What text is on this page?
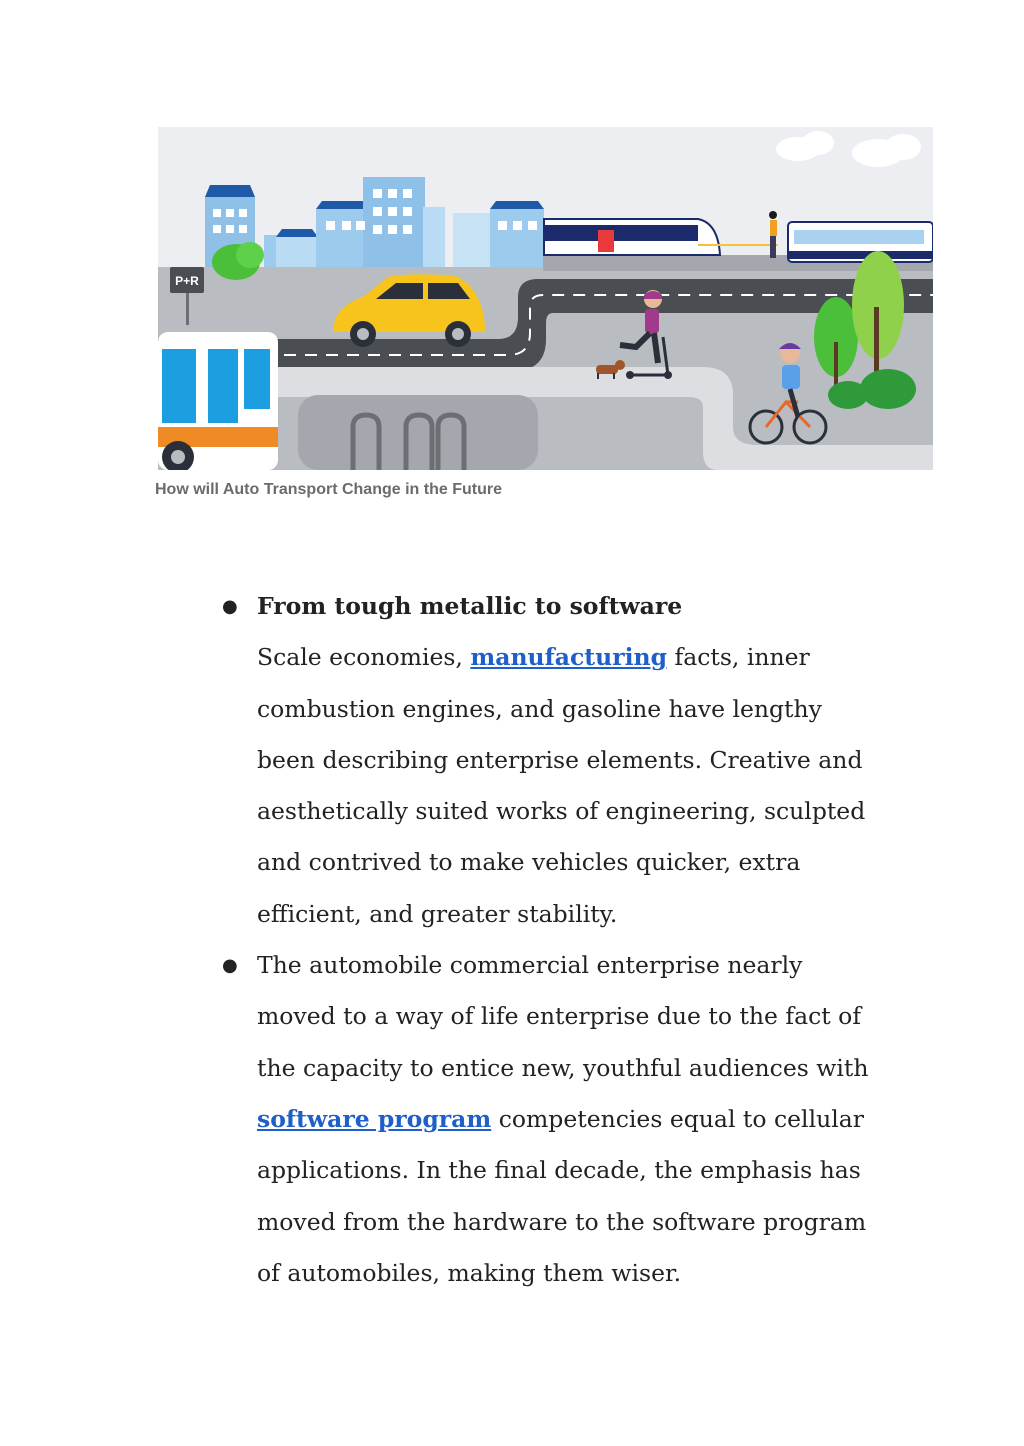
P+R
How will Auto Transport Change in the Future
● From tough metallic to software
Scale economies, manufacturing facts, inner combustion engines, and gasoline have lengthy been describing enterprise elements. Creative and aesthetically suited works of engineering, sculpted and contrived to make vehicles quicker, extra efficient, and greater stability.
● The automobile commercial enterprise nearly moved to a way of life enterprise due to the fact of the capacity to entice new, youthful audiences with software program competencies equal to cellular applications. In the final decade, the emphasis has moved from the hardware to the software program of automobiles, making them wiser.
